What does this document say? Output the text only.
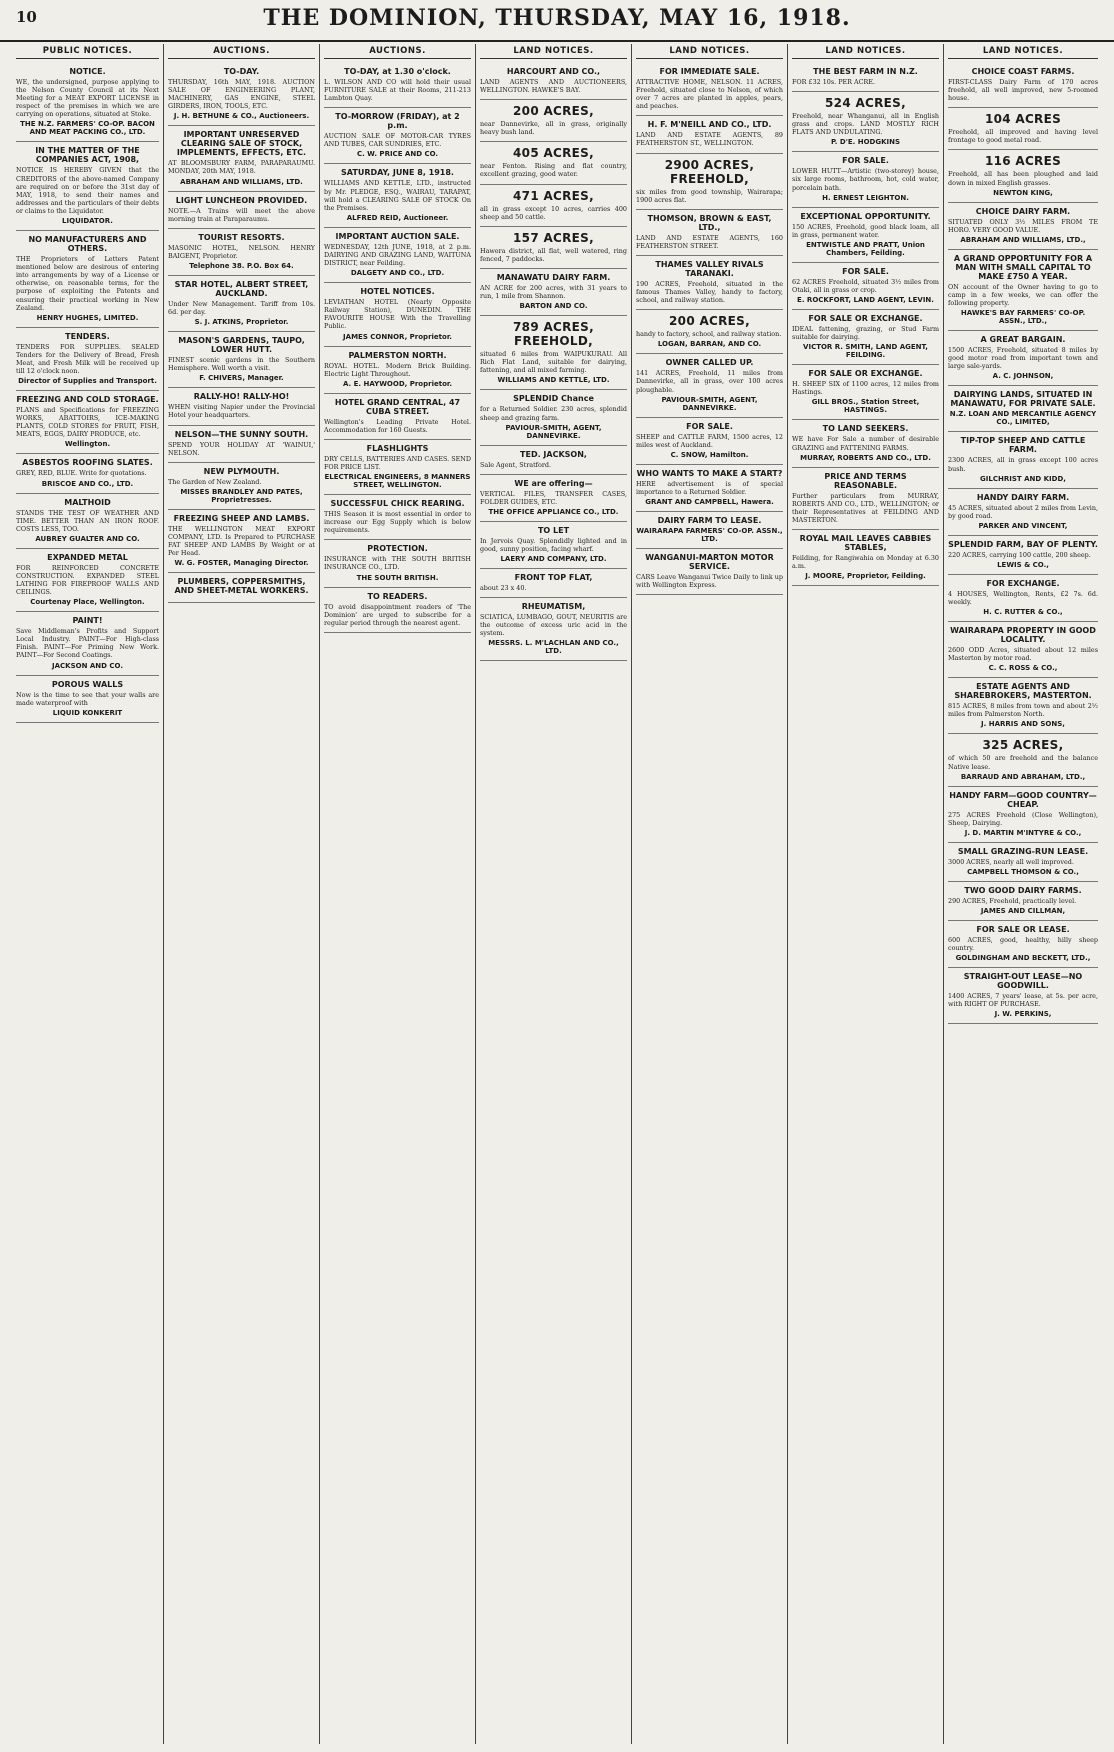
10	THE DOMINION, THURSDAY, MAY 16, 1918.
PUBLIC NOTICES.
NOTICE.
WE, the undersigned, purpose applying to the Nelson County Council at its Next Meeting for a MEAT EXPORT LICENSE in respect of the premises in which we are carrying on operations, situated at Stoke.
THE N.Z. FARMERS' CO-OP. BACON AND MEAT PACKING CO., LTD.
IN THE MATTER OF THE COMPANIES ACT, 1908,
NOTICE IS HEREBY GIVEN that the CREDITORS of the above-named Company are required on or before the 31st day of MAY, 1918, to send their names and addresses and the particulars of their debts or claims to the Liquidator.
LIQUIDATOR.
NO MANUFACTURERS AND OTHERS.
THE Proprietors of Letters Patent mentioned below are desirous of entering into arrangements by way of a License or otherwise, on reasonable terms, for the purpose of exploiting the Patents and ensuring their practical working in New Zealand.
HENRY HUGHES, LIMITED.
TENDERS.
TENDERS FOR SUPPLIES. SEALED Tenders for the Delivery of Bread, Fresh Meat, and Fresh Milk will be received up till 12 o'clock noon.
Director of Supplies and Transport.
FREEZING AND COLD STORAGE.
PLANS and Specifications for FREEZING WORKS, ABATTOIRS, ICE-MAKING PLANTS, COLD STORES for FRUIT, FISH, MEATS, EGGS, DAIRY PRODUCE, etc.
Wellington.
ASBESTOS ROOFING SLATES.
GREY, RED, BLUE. Write for quotations.
BRISCOE AND CO., LTD.
MALTHOID
STANDS THE TEST OF WEATHER AND TIME. BETTER THAN AN IRON ROOF. COSTS LESS, TOO.
AUBREY GUALTER AND CO.
EXPANDED METAL
FOR REINFORCED CONCRETE CONSTRUCTION. EXPANDED STEEL LATHING FOR FIREPROOF WALLS AND CEILINGS.
Courtenay Place, Wellington.
PAINT!
Save Middleman's Profits and Support Local Industry. PAINT—For High-class Finish. PAINT—For Priming New Work. PAINT—For Second Coatings.
JACKSON AND CO.
POROUS WALLS
Now is the time to see that your walls are made waterproof with
LIQUID KONKERIT
AUCTIONS.
TO-DAY.
THURSDAY, 16th MAY, 1918. AUCTION SALE OF ENGINEERING PLANT, MACHINERY, GAS ENGINE, STEEL GIRDERS, IRON, TOOLS, ETC.
J. H. BETHUNE & CO., Auctioneers.
IMPORTANT UNRESERVED CLEARING SALE OF STOCK, IMPLEMENTS, EFFECTS, ETC.
AT BLOOMSBURY FARM, PARAPARAUMU. MONDAY, 20th MAY, 1918.
ABRAHAM AND WILLIAMS, LTD.
LIGHT LUNCHEON PROVIDED.
NOTE.—A Trains will meet the above morning train at Paraparaumu.
TOURIST RESORTS.
MASONIC HOTEL, NELSON. HENRY BAIGENT, Proprietor.
Telephone 38. P.O. Box 64.
STAR HOTEL, ALBERT STREET, AUCKLAND.
Under New Management. Tariff from 10s. 6d. per day.
S. J. ATKINS, Proprietor.
MASON'S GARDENS, TAUPO, LOWER HUTT.
FINEST scenic gardens in the Southern Hemisphere. Well worth a visit.
F. CHIVERS, Manager.
RALLY-HO! RALLY-HO!
WHEN visiting Napier under the Provincial Hotel your headquarters.
NELSON—THE SUNNY SOUTH.
SPEND YOUR HOLIDAY AT 'WAINUI,' NELSON.
NEW PLYMOUTH.
The Garden of New Zealand.
MISSES BRANDLEY AND PATES, Proprietresses.
FREEZING SHEEP AND LAMBS.
THE WELLINGTON MEAT EXPORT COMPANY, LTD. Is Prepared to PURCHASE FAT SHEEP AND LAMBS By Weight or at Per Head.
W. G. FOSTER, Managing Director.
PLUMBERS, COPPERSMITHS, AND SHEET-METAL WORKERS.
AUCTIONS.
TO-DAY, at 1.30 o'clock.
L. WILSON AND CO will hold their usual FURNITURE SALE at their Rooms, 211-213 Lambton Quay.
TO-MORROW (FRIDAY), at 2 p.m.
AUCTION SALE OF MOTOR-CAR TYRES AND TUBES, CAR SUNDRIES, ETC.
C. W. PRICE AND CO.
SATURDAY, JUNE 8, 1918.
WILLIAMS AND KETTLE, LTD., instructed by Mr. PLEDGE, ESQ., WAIRAU, TARAPAT, will hold a CLEARING SALE OF STOCK On the Premises.
ALFRED REID, Auctioneer.
IMPORTANT AUCTION SALE.
WEDNESDAY, 12th JUNE, 1918, at 2 p.m. DAIRYING AND GRAZING LAND, WAITUNA DISTRICT, near Feilding.
DALGETY AND CO., LTD.
HOTEL NOTICES.
LEVIATHAN HOTEL (Nearly Opposite Railway Station), DUNEDIN. THE FAVOURITE HOUSE With the Travelling Public.
JAMES CONNOR, Proprietor.
PALMERSTON NORTH.
ROYAL HOTEL. Modern Brick Building. Electric Light Throughout.
A. E. HAYWOOD, Proprietor.
HOTEL GRAND CENTRAL, 47 CUBA STREET.
Wellington's Leading Private Hotel. Accommodation for 160 Guests.
FLASHLIGHTS
DRY CELLS, BATTERIES AND CASES. SEND FOR PRICE LIST.
ELECTRICAL ENGINEERS, 8 MANNERS STREET, WELLINGTON.
SUCCESSFUL CHICK REARING.
THIS Season it is most essential in order to increase our Egg Supply which is below requirements.
PROTECTION.
INSURANCE with THE SOUTH BRITISH INSURANCE CO., LTD.
THE SOUTH BRITISH.
TO READERS.
TO avoid disappointment readers of 'The Dominion' are urged to subscribe for a regular period through the nearest agent.
LAND NOTICES.
HARCOURT AND CO.,
LAND AGENTS AND AUCTIONEERS, WELLINGTON. HAWKE'S BAY.
200 ACRES,
near Dannevirke, all in grass, originally heavy bush land.
405 ACRES,
near Fenton. Rising and flat country, excellent grazing, good water.
471 ACRES,
all in grass except 10 acres, carries 400 sheep and 50 cattle.
157 ACRES,
Hawera district, all flat, well watered, ring fenced, 7 paddocks.
MANAWATU DAIRY FARM.
AN ACRE for 200 acres, with 31 years to run, 1 mile from Shannon.
BARTON AND CO.
789 ACRES, FREEHOLD,
situated 6 miles from WAIPUKURAU. All Rich Flat Land, suitable for dairying, fattening, and all mixed farming.
WILLIAMS AND KETTLE, LTD.
SPLENDID Chance
for a Returned Soldier. 230 acres, splendid sheep and grazing farm.
PAVIOUR-SMITH, AGENT, DANNEVIRKE.
TED. JACKSON,
Sale Agent, Stratford.
WE are offering—
VERTICAL FILES, TRANSFER CASES, FOLDER GUIDES, ETC.
THE OFFICE APPLIANCE CO., LTD.
TO LET
In Jervois Quay. Splendidly lighted and in good, sunny position, facing wharf.
LAERY AND COMPANY, LTD.
FRONT TOP FLAT,
about 23 x 40.
RHEUMATISM,
SCIATICA, LUMBAGO, GOUT, NEURITIS are the outcome of excess uric acid in the system.
MESSRS. L. M'LACHLAN AND CO., LTD.
LAND NOTICES.
FOR IMMEDIATE SALE.
ATTRACTIVE HOME, NELSON. 11 ACRES, Freehold, situated close to Nelson, of which over 7 acres are planted in apples, pears, and peaches.
H. F. M'NEILL AND CO., LTD.
LAND AND ESTATE AGENTS, 89 FEATHERSTON ST., WELLINGTON.
2900 ACRES, FREEHOLD,
six miles from good township, Wairarapa; 1900 acres flat.
THOMSON, BROWN & EAST, LTD.,
LAND AND ESTATE AGENTS, 160 FEATHERSTON STREET.
THAMES VALLEY RIVALS TARANAKI.
190 ACRES, Freehold, situated in the famous Thames Valley, handy to factory, school, and railway station.
200 ACRES,
handy to factory, school, and railway station.
LOGAN, BARRAN, AND CO.
OWNER CALLED UP.
141 ACRES, Freehold, 11 miles from Dannevirke, all in grass, over 100 acres ploughable.
PAVIOUR-SMITH, AGENT, DANNEVIRKE.
FOR SALE.
SHEEP and CATTLE FARM, 1500 acres, 12 miles west of Auckland.
C. SNOW, Hamilton.
WHO WANTS TO MAKE A START?
HERE advertisement is of special importance to a Returned Soldier.
GRANT AND CAMPBELL, Hawera.
DAIRY FARM TO LEASE.
WAIRARAPA FARMERS' CO-OP. ASSN., LTD.
WANGANUI-MARTON MOTOR SERVICE.
CARS Leave Wanganui Twice Daily to link up with Wellington Express.
LAND NOTICES.
THE BEST FARM IN N.Z.
FOR £32 10s. PER ACRE.
524 ACRES,
Freehold, near Whanganui, all in English grass and crops. LAND MOSTLY RICH FLATS AND UNDULATING.
P. D'E. HODGKINS
FOR SALE.
LOWER HUTT—Artistic (two-storey) house, six large rooms, bathroom, hot, cold water, porcelain bath.
H. ERNEST LEIGHTON.
EXCEPTIONAL OPPORTUNITY.
150 ACRES, Freehold, good black loam, all in grass, permanent water.
ENTWISTLE AND PRATT, Union Chambers, Feilding.
FOR SALE.
62 ACRES Freehold, situated 3½ miles from Otaki, all in grass or crop.
E. ROCKFORT, LAND AGENT, LEVIN.
FOR SALE OR EXCHANGE.
IDEAL fattening, grazing, or Stud Farm suitable for dairying.
VICTOR R. SMITH, LAND AGENT, FEILDING.
FOR SALE OR EXCHANGE.
H. SHEEP SIX of 1100 acres, 12 miles from Hastings.
GILL BROS., Station Street, HASTINGS.
TO LAND SEEKERS.
WE have For Sale a number of desirable GRAZING and FATTENING FARMS.
MURRAY, ROBERTS AND CO., LTD.
PRICE AND TERMS REASONABLE.
Further particulars from MURRAY, ROBERTS AND CO., LTD., WELLINGTON; or their Representatives at FEILDING AND MASTERTON.
ROYAL MAIL LEAVES CABBIES STABLES,
Feilding, for Rangiwahia on Monday at 6.30 a.m.
J. MOORE, Proprietor, Feilding.
LAND NOTICES.
CHOICE COAST FARMS.
FIRST-CLASS Dairy Farm of 170 acres freehold, all well improved, new 5-roomed house.
104 ACRES
Freehold, all improved and having level frontage to good metal road.
116 ACRES
Freehold, all has been ploughed and laid down in mixed English grasses.
NEWTON KING,
CHOICE DAIRY FARM.
SITUATED ONLY 3½ MILES FROM TE HORO. VERY GOOD VALUE.
ABRAHAM AND WILLIAMS, LTD.,
A GRAND OPPORTUNITY FOR A MAN WITH SMALL CAPITAL TO MAKE £750 A YEAR.
ON account of the Owner having to go to camp in a few weeks, we can offer the following property.
HAWKE'S BAY FARMERS' CO-OP. ASSN., LTD.,
A GREAT BARGAIN.
1500 ACRES, Freehold, situated 8 miles by good motor road from important town and large sale-yards.
A. C. JOHNSON,
DAIRYING LANDS, SITUATED IN MANAWATU, FOR PRIVATE SALE.
N.Z. LOAN AND MERCANTILE AGENCY CO., LIMITED,
TIP-TOP SHEEP AND CATTLE FARM.
2300 ACRES, all in grass except 100 acres bush.
GILCHRIST AND KIDD,
HANDY DAIRY FARM.
45 ACRES, situated about 2 miles from Levin, by good road.
PARKER AND VINCENT,
SPLENDID FARM, BAY OF PLENTY.
220 ACRES, carrying 100 cattle, 200 sheep.
LEWIS & CO.,
FOR EXCHANGE.
4 HOUSES, Wellington, Rents, £2 7s. 6d. weekly.
H. C. RUTTER & CO.,
WAIRARAPA PROPERTY IN GOOD LOCALITY.
2600 ODD Acres, situated about 12 miles Masterton by motor road.
C. C. ROSS & CO.,
ESTATE AGENTS AND SHAREBROKERS, MASTERTON.
815 ACRES, 8 miles from town and about 2½ miles from Palmerston North.
J. HARRIS AND SONS,
325 ACRES,
of which 50 are freehold and the balance Native lease.
BARRAUD AND ABRAHAM, LTD.,
HANDY FARM—GOOD COUNTRY—CHEAP.
275 ACRES Freehold (Close Wellington), Sheep, Dairying.
J. D. MARTIN M'INTYRE & CO.,
SMALL GRAZING-RUN LEASE.
3000 ACRES, nearly all well improved.
CAMPBELL THOMSON & CO.,
TWO GOOD DAIRY FARMS.
290 ACRES, Freehold, practically level.
JAMES AND CILLMAN,
FOR SALE OR LEASE.
600 ACRES, good, healthy, hilly sheep country.
GOLDINGHAM AND BECKETT, LTD.,
STRAIGHT-OUT LEASE—NO GOODWILL.
1400 ACRES, 7 years' lease, at 5s. per acre, with RIGHT OF PURCHASE.
J. W. PERKINS,
